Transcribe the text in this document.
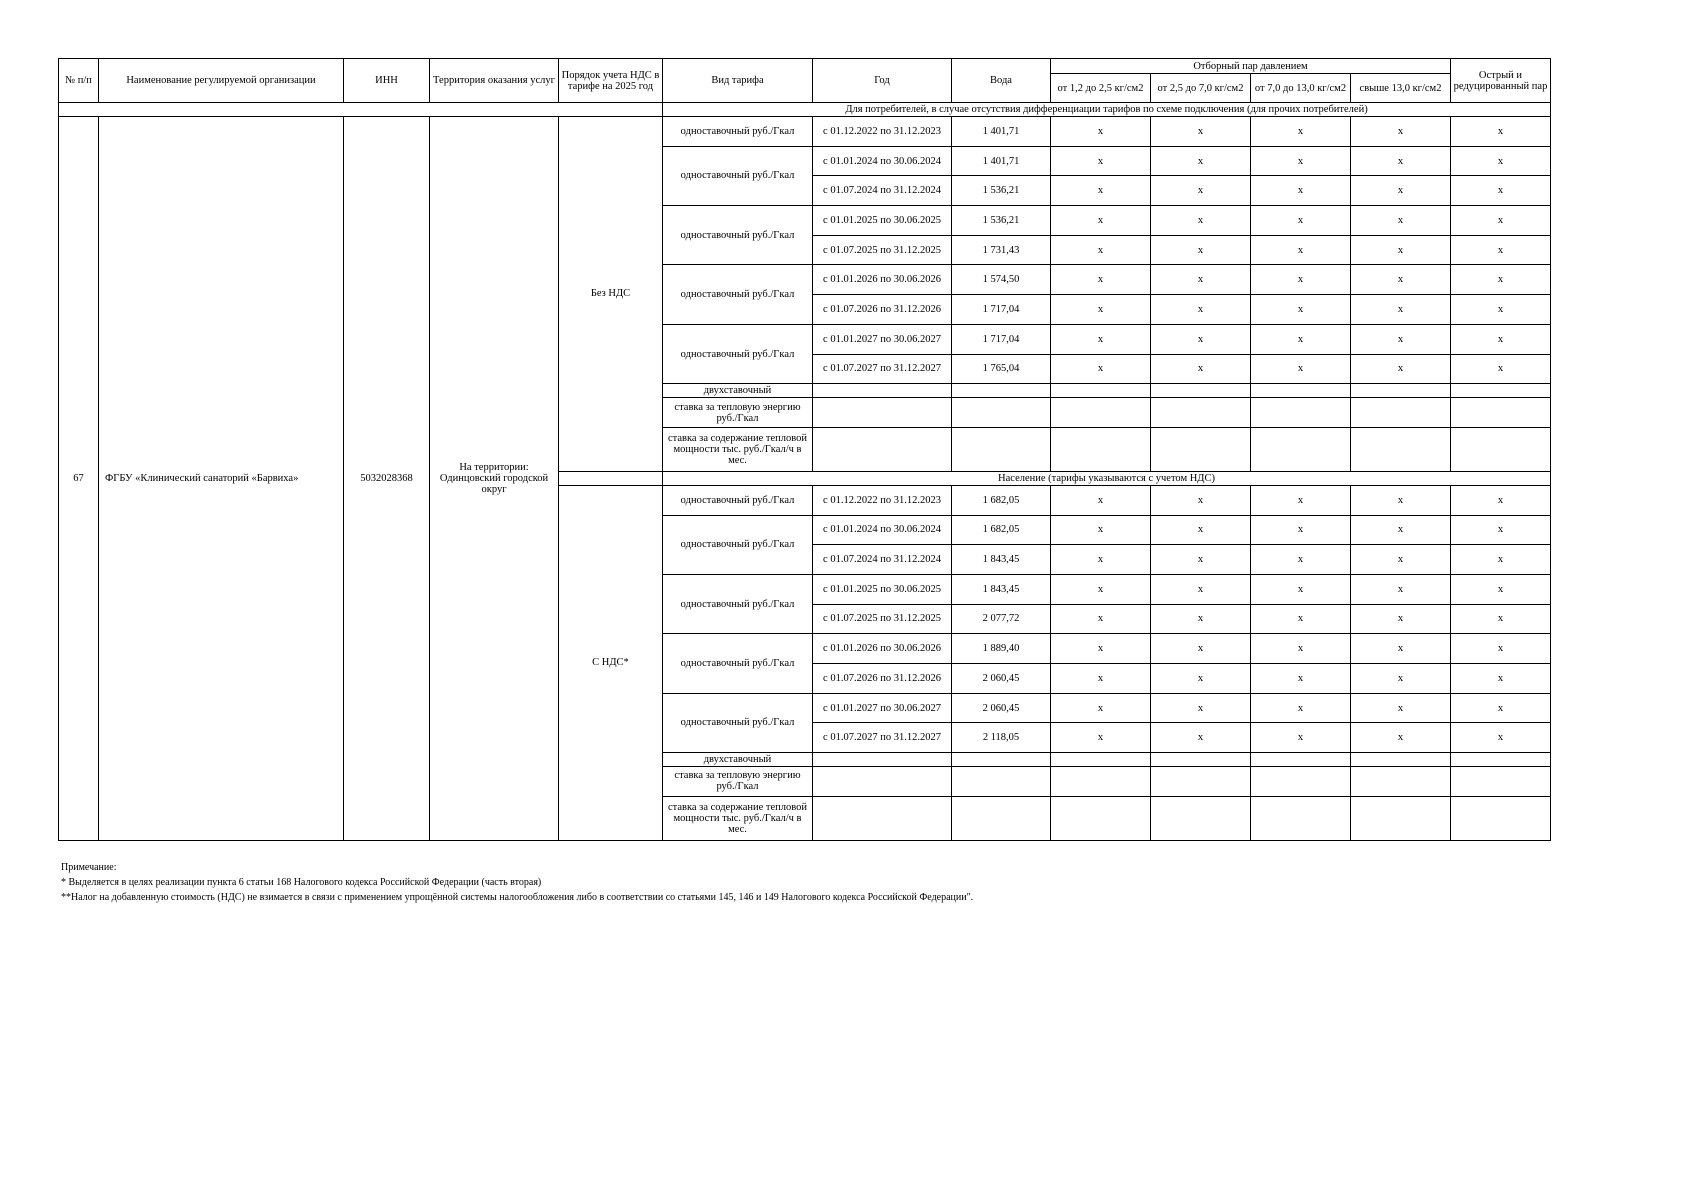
№ п/п	Наименование регулируемой организации	ИНН	Территория оказания услуг	Порядок учета НДС в тарифе на 2025 год	Вид тарифа	Год	Вода	Отборный пар давлением				Острый и редуцированный пар
								от 1,2 до 2,5 кг/см2	от 2,5 до 7,0 кг/см2	от 7,0 до 13,0 кг/см2	свыше 13,0 кг/см2	
					Для потребителей, в случае отсутствия дифференциации тарифов по схеме подключения (для прочих потребителей)							
67	ФГБУ «Клинический санаторий «Барвиха»	5032028368	На территории: Одинцовский городской округ	Без НДС	одноставочный руб./Гкал	с 01.12.2022 по 31.12.2023	1 401,71	x	x	x	x	x
					одноставочный руб./Гкал	с 01.01.2024 по 30.06.2024	1 401,71	x	x	x	x	x
						с 01.07.2024 по 31.12.2024	1 536,21	x	x	x	x	x
					одноставочный руб./Гкал	с 01.01.2025 по 30.06.2025	1 536,21	x	x	x	x	x
						с 01.07.2025 по 31.12.2025	1 731,43	x	x	x	x	x
					одноставочный руб./Гкал	с 01.01.2026 по 30.06.2026	1 574,50	x	x	x	x	x
						с 01.07.2026 по 31.12.2026	1 717,04	x	x	x	x	x
					одноставочный руб./Гкал	с 01.01.2027 по 30.06.2027	1 717,04	x	x	x	x	x
						с 01.07.2027 по 31.12.2027	1 765,04	x	x	x	x	x
					двухставочный							
					ставка за тепловую энергию руб./Гкал							
					ставка за содержание тепловой мощности тыс. руб./Гкал/ч в мес.							
					Население (тарифы указываются с учетом НДС)							
				С НДС*	одноставочный руб./Гкал	с 01.12.2022 по 31.12.2023	1 682,05	x	x	x	x	x
					одноставочный руб./Гкал	с 01.01.2024 по 30.06.2024	1 682,05	x	x	x	x	x
						с 01.07.2024 по 31.12.2024	1 843,45	x	x	x	x	x
					одноставочный руб./Гкал	с 01.01.2025 по 30.06.2025	1 843,45	x	x	x	x	x
						с 01.07.2025 по 31.12.2025	2 077,72	x	x	x	x	x
					одноставочный руб./Гкал	с 01.01.2026 по 30.06.2026	1 889,40	x	x	x	x	x
						с 01.07.2026 по 31.12.2026	2 060,45	x	x	x	x	x
					одноставочный руб./Гкал	с 01.01.2027 по 30.06.2027	2 060,45	x	x	x	x	x
						с 01.07.2027 по 31.12.2027	2 118,05	x	x	x	x	x
					двухставочный							
					ставка за тепловую энергию руб./Гкал							
					ставка за содержание тепловой мощности тыс. руб./Гкал/ч в мес.							
Примечание:
* Выделяется в целях реализации пункта 6 статьи 168 Налогового кодекса Российской Федерации (часть вторая)
**Налог на добавленную стоимость (НДС) не взимается в связи с применением упрощённой системы налогообложения либо в соответствии со статьями 145, 146 и 149 Налогового кодекса Российской Федерации".
